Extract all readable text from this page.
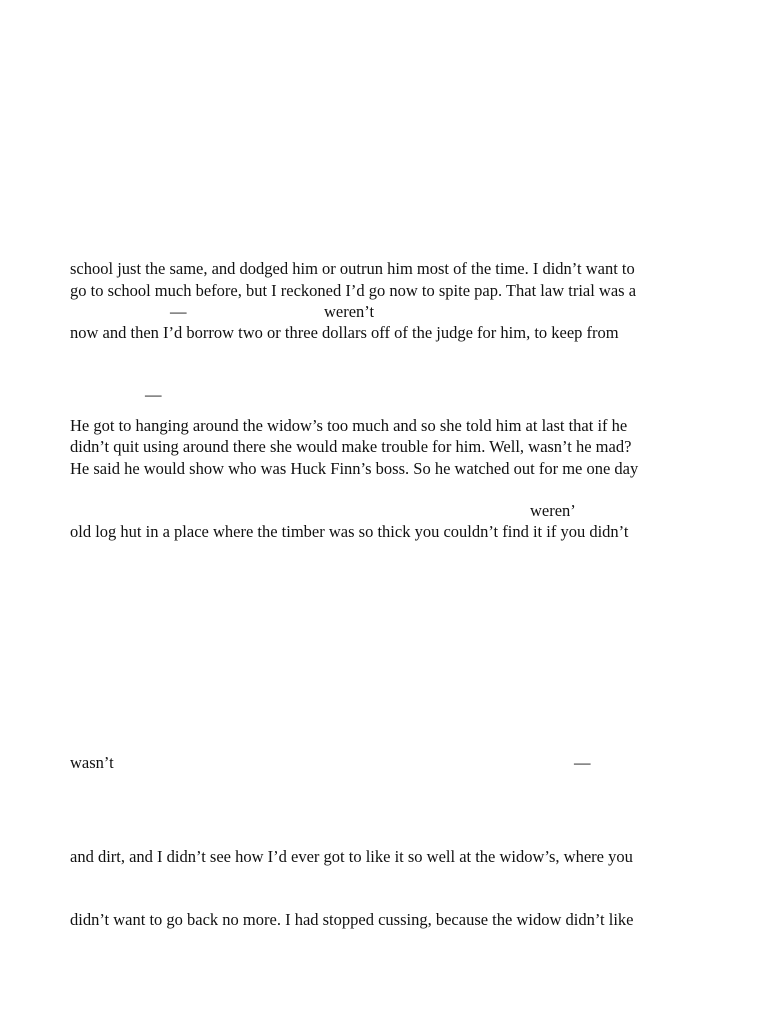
school just the same, and dodged him or outrun him most of the time. I didn’t want to

go to school much before, but I reckoned I’d go now to spite pap. That law trial was a

—	weren’t

now and then I’d borrow two or three dollars off of the judge for him, to keep from

—

He got to hanging around the widow’s too much and so she told him at last that if he

didn’t quit using around there she would make trouble for him. Well, wasn’t he mad?

He said he would show who was Huck Finn’s boss. So he watched out for me one day

weren’

old log hut in a place where the timber was so thick you couldn’t find it if you didn’t

wasn’t	—

and dirt, and I didn’t see how I’d ever got to like it so well at the widow’s, where you

didn’t want to go back no more. I had stopped cussing, because the widow didn’t like
